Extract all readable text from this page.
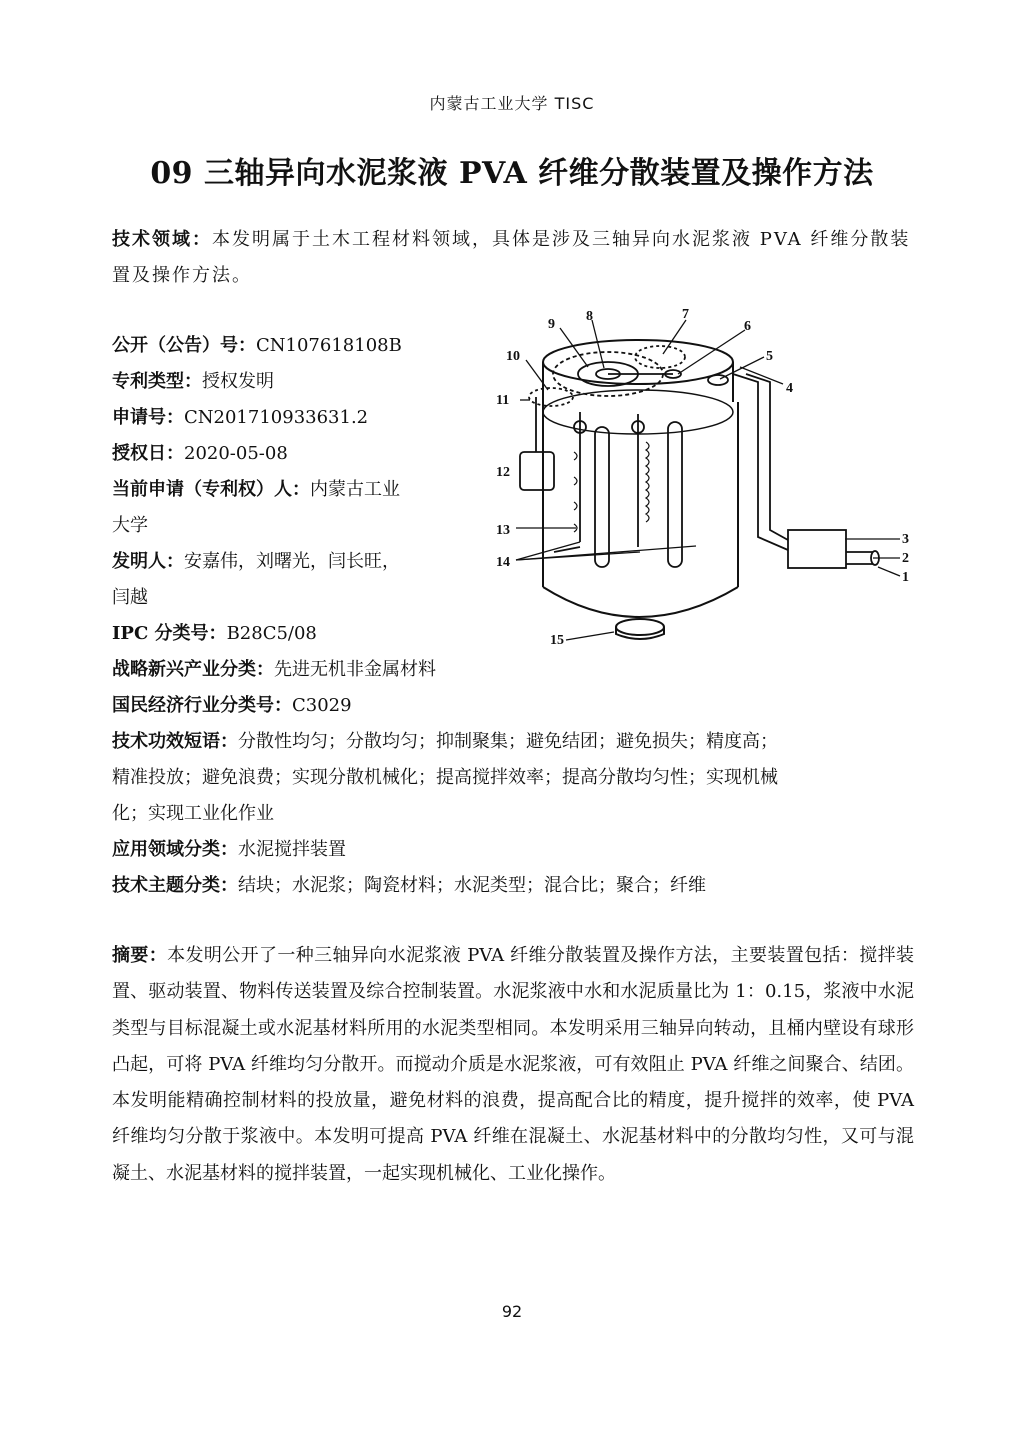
内蒙古工业大学 TISC
09 三轴异向水泥浆液 PVA 纤维分散装置及操作方法
技术领域：本发明属于土木工程材料领域，具体是涉及三轴异向水泥浆液 PVA 纤维分散装置及操作方法。
公开（公告）号：CN107618108B
专利类型：授权发明
申请号：CN201710933631.2
授权日：2020-05-08
当前申请（专利权）人：内蒙古工业
大学
发明人：安嘉伟，刘曙光，闫长旺，
闫越
IPC 分类号：B28C5/08
战略新兴产业分类：先进无机非金属材料
国民经济行业分类号：C3029
技术功效短语：分散性均匀；分散均匀；抑制聚集；避免结团；避免损失；精度高；
精准投放；避免浪费；实现分散机械化；提高搅拌效率；提高分散均匀性；实现机械
化；实现工业化作业
应用领域分类：水泥搅拌装置
技术主题分类：结块；水泥浆；陶瓷材料；水泥类型；混合比；聚合；纤维
摘要：本发明公开了一种三轴异向水泥浆液 PVA 纤维分散装置及操作方法，主要装置包括：搅拌装置、驱动装置、物料传送装置及综合控制装置。水泥浆液中水和水泥质量比为 1：0.15，浆液中水泥类型与目标混凝土或水泥基材料所用的水泥类型相同。本发明采用三轴异向转动，且桶内壁设有球形凸起，可将 PVA 纤维均匀分散开。而搅动介质是水泥浆液，可有效阻止 PVA 纤维之间聚合、结团。本发明能精确控制材料的投放量，避免材料的浪费，提高配合比的精度，提升搅拌的效率，使 PVA 纤维均匀分散于浆液中。本发明可提高 PVA 纤维在混凝土、水泥基材料中的分散均匀性，又可与混凝土、水泥基材料的搅拌装置，一起实现机械化、工业化操作。
9
8	7
6
5
4
10
11
12
13
14
15
3
2
1
92
